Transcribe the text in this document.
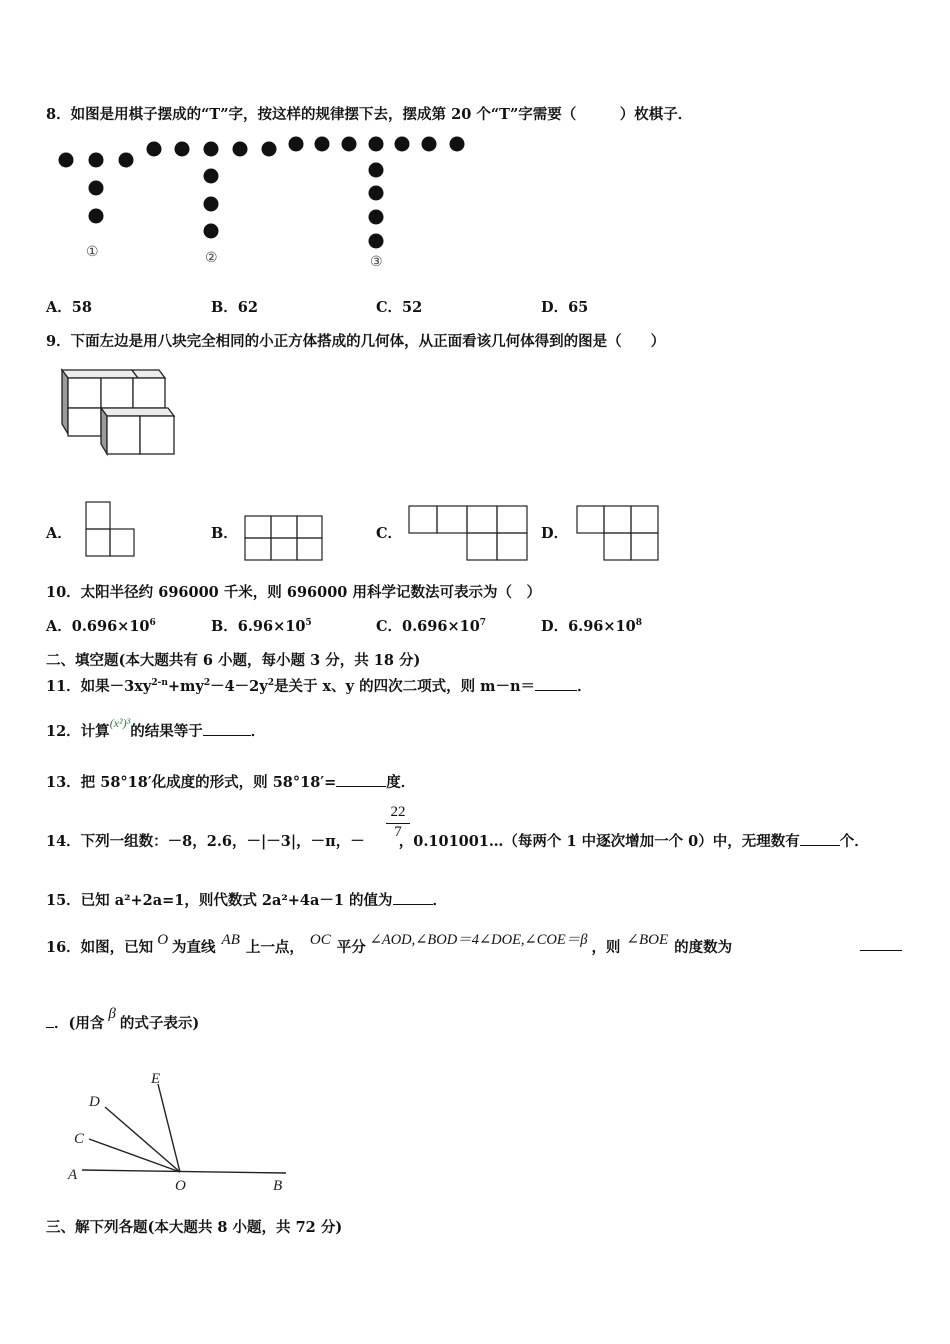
8．如图是用棋子摆成的“T”字，按这样的规律摆下去，摆成第 20 个“T”字需要（　　　）枚棋子．
①	②	③
A．58	B．62	C．52	D．65
9．下面左边是用八块完全相同的小正方体搭成的几何体，从正面看该几何体得到的图是（　　）
A．	B．	C．	D．
10．太阳半径约 696000 千米，则 696000 用科学记数法可表示为（　）
A．$0.696\times 10^6$	B．$6.96\times 10^5$	C．$0.696\times 10^7$	D．$6.96\times 10^8$
二、填空题(本大题共有 6 小题，每小题 3 分，共 18 分)
11．如果$-3xy^{2-n}+my^2-4-2y^2$是关于 x、y 的四次二项式，则 m－n＝	．
12．计算$^{(x^2)^3}$的结果等于	．
13．把 58°18′化成度的形式，则 58°18′=	度．
14．下列一组数：－8，2.6，－|－3|，－π，－ ，0.101001…（每两个 1 中逐次增加一个 0）中，无理数有	个．
22
7
15．已知 a²+2a=1，则代数式 2a²+4a－1 的值为	．
16．如图，已知 O 为直线 AB 上一点， OC 平分 ∠AOD,∠BOD＝4∠DOE,∠COE＝β ，则 ∠BOE 的度数为
．(用含β的式子表示)
E
D
C
A
O	B
三、解下列各题(本大题共 8 小题，共 72 分)
